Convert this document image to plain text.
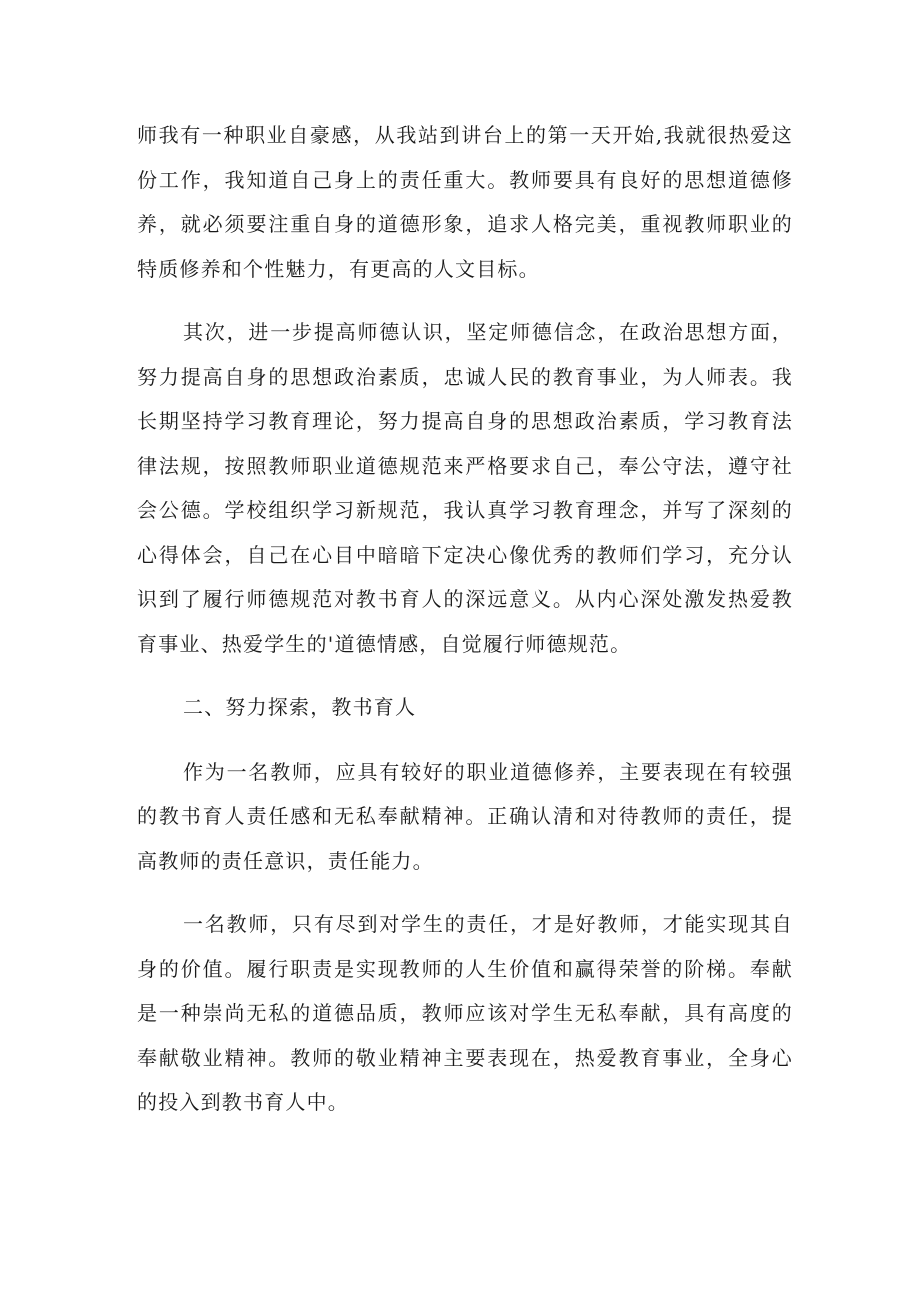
师我有一种职业自豪感，从我站到讲台上的第一天开始,我就很热爱这份工作，我知道自己身上的责任重大。教师要具有良好的思想道德修养，就必须要注重自身的道德形象，追求人格完美，重视教师职业的特质修养和个性魅力，有更高的人文目标。

其次，进一步提高师德认识，坚定师德信念，在政治思想方面，努力提高自身的思想政治素质，忠诚人民的教育事业，为人师表。我长期坚持学习教育理论，努力提高自身的思想政治素质，学习教育法律法规，按照教师职业道德规范来严格要求自己，奉公守法，遵守社会公德。学校组织学习新规范，我认真学习教育理念，并写了深刻的心得体会，自己在心目中暗暗下定决心像优秀的教师们学习，充分认识到了履行师德规范对教书育人的深远意义。从内心深处激发热爱教育事业、热爱学生的'道德情感，自觉履行师德规范。

二、努力探索，教书育人

作为一名教师，应具有较好的职业道德修养，主要表现在有较强的教书育人责任感和无私奉献精神。正确认清和对待教师的责任，提高教师的责任意识，责任能力。

一名教师，只有尽到对学生的责任，才是好教师，才能实现其自身的价值。履行职责是实现教师的人生价值和赢得荣誉的阶梯。奉献是一种崇尚无私的道德品质，教师应该对学生无私奉献，具有高度的奉献敬业精神。教师的敬业精神主要表现在，热爱教育事业，全身心的投入到教书育人中。
